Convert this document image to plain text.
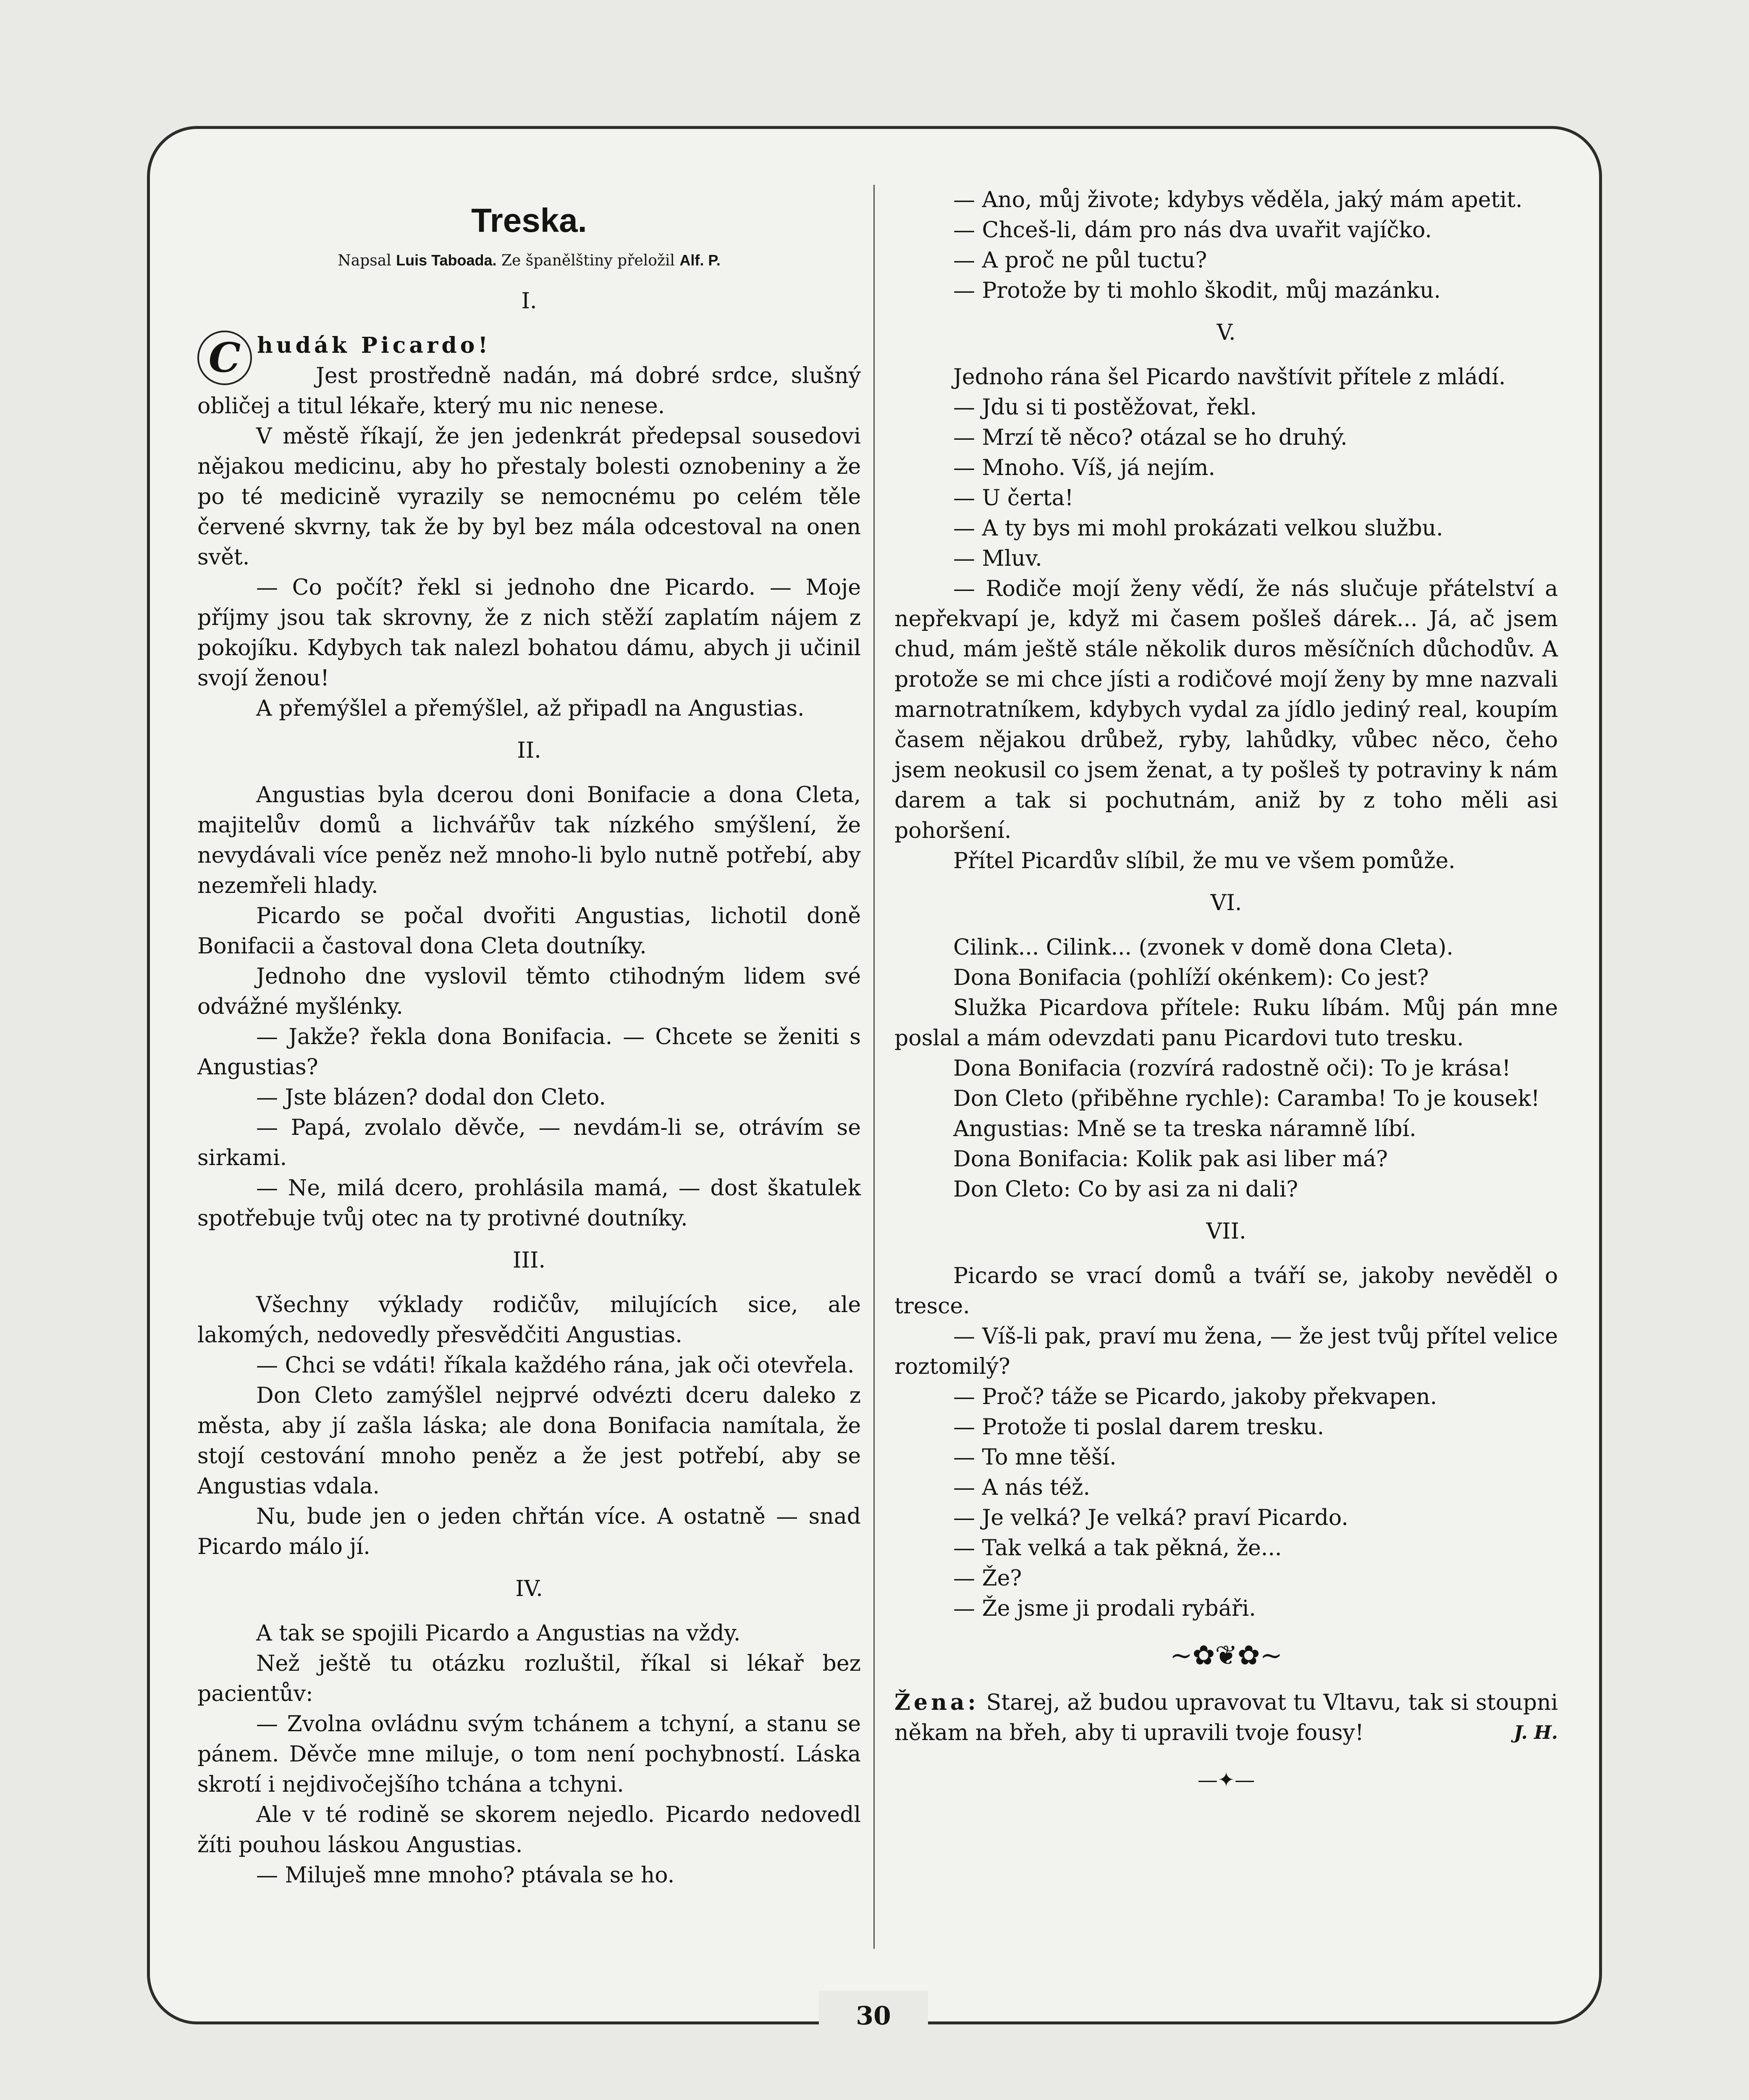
30
Treska.
Napsal Luis Taboada. Ze španělštiny přeložil Alf. P.
I.

C hudák Picardo!

Jest prostředně nadán, má dobré srdce, slušný obličej a titul lékaře, který mu nic nenese.

V městě říkají, že jen jedenkrát předepsal sousedovi nějakou medicinu, aby ho přestaly bolesti oznobeniny a že po té medicině vyrazily se nemocnému po celém těle červené skvrny, tak že by byl bez mála odcestoval na onen svět.

— Co počít? řekl si jednoho dne Picardo. — Moje příjmy jsou tak skrovny, že z nich stěží zaplatím nájem z pokojíku. Kdybych tak nalezl bohatou dámu, abych ji učinil svojí ženou!

A přemýšlel a přemýšlel, až připadl na Angustias.

II.

Angustias byla dcerou doni Bonifacie a dona Cleta, majitelův domů a lichvářův tak nízkého smýšlení, že nevydávali více peněz než mnoho-li bylo nutně potřebí, aby nezemřeli hlady.

Picardo se počal dvořiti Angustias, lichotil doně Bonifacii a častoval dona Cleta doutníky.

Jednoho dne vyslovil těmto ctihodným lidem své odvážné myšlénky.

— Jakže? řekla dona Bonifacia. — Chcete se ženiti s Angustias?

— Jste blázen? dodal don Cleto.

— Papá, zvolalo děvče, — nevdám-li se, otrávím se sirkami.

— Ne, milá dcero, prohlásila mamá, — dost škatulek spotřebuje tvůj otec na ty protivné doutníky.

III.

Všechny výklady rodičův, milujících sice, ale lakomých, nedovedly přesvědčiti Angustias.

— Chci se vdáti! říkala každého rána, jak oči otevřela.

Don Cleto zamýšlel nejprvé odvézti dceru daleko z města, aby jí zašla láska; ale dona Bonifacia namítala, že stojí cestování mnoho peněz a že jest potřebí, aby se Angustias vdala.

Nu, bude jen o jeden chřtán více. A ostatně — snad Picardo málo jí.

IV.

A tak se spojili Picardo a Angustias na vždy.

Než ještě tu otázku rozluštil, říkal si lékař bez pacientův:

— Zvolna ovládnu svým tchánem a tchyní, a stanu se pánem. Děvče mne miluje, o tom není pochybností. Láska skrotí i nejdivočejšího tchána a tchyni.

Ale v té rodině se skorem nejedlo. Picardo nedovedl žíti pouhou láskou Angustias.

— Miluješ mne mnoho? ptávala se ho.

— Ano, můj živote; kdybys věděla, jaký mám apetit.

— Chceš-li, dám pro nás dva uvařit vajíčko.

— A proč ne půl tuctu?

— Protože by ti mohlo škodit, můj mazánku.

V.

Jednoho rána šel Picardo navštívit přítele z mládí.

— Jdu si ti postěžovat, řekl.

— Mrzí tě něco? otázal se ho druhý.

— Mnoho. Víš, já nejím.

— U čerta!

— A ty bys mi mohl prokázati velkou službu.

— Mluv.

— Rodiče mojí ženy vědí, že nás slučuje přátelství a nepřekvapí je, když mi časem pošleš dárek... Já, ač jsem chud, mám ještě stále několik duros měsíčních důchodův. A protože se mi chce jísti a rodičové mojí ženy by mne nazvali marnotratníkem, kdybych vydal za jídlo jediný real, koupím časem nějakou drůbež, ryby, lahůdky, vůbec něco, čeho jsem neokusil co jsem ženat, a ty pošleš ty potraviny k nám darem a tak si pochutnám, aniž by z toho měli asi pohoršení.

Přítel Picardův slíbil, že mu ve všem pomůže.

VI.

Cilink... Cilink... (zvonek v domě dona Cleta).

Dona Bonifacia (pohlíží okénkem): Co jest?

Služka Picardova přítele: Ruku líbám. Můj pán mne poslal a mám odevzdati panu Picardovi tuto tresku.

Dona Bonifacia (rozvírá radostně oči): To je krása!

Don Cleto (přiběhne rychle): Caramba! To je kousek!

Angustias: Mně se ta treska náramně líbí.

Dona Bonifacia: Kolik pak asi liber má?

Don Cleto: Co by asi za ni dali?

VII.

Picardo se vrací domů a tváří se, jakoby nevěděl o tresce.

— Víš-li pak, praví mu žena, — že jest tvůj přítel velice roztomilý?

— Proč? táže se Picardo, jakoby překvapen.

— Protože ti poslal darem tresku.

— To mne těší.

— A nás též.

— Je velká? Je velká? praví Picardo.

— Tak velká a tak pěkná, že...

— Že?

— Že jsme ji prodali rybáři.

~✿❦✿~

Žena: Starej, až budou upravovat tu Vltavu, tak si stoupni někam na břeh, aby ti upravili tvoje fousy!	J. H.

—✦—
